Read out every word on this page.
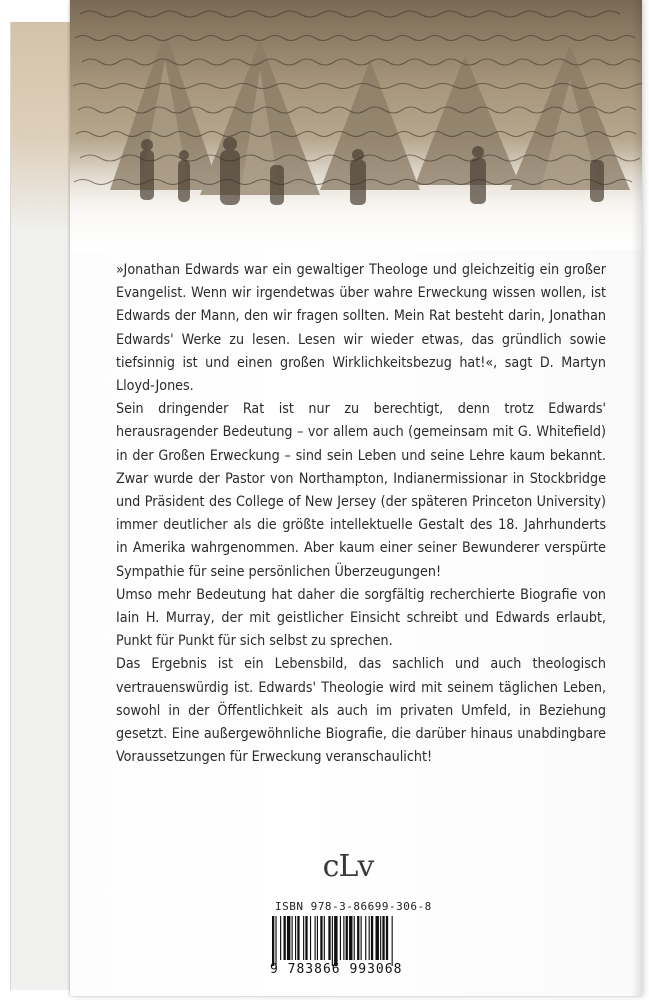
»Jonathan Edwards war ein gewaltiger Theologe und gleichzeitig ein großer Evangelist. Wenn wir irgendetwas über wahre Erweckung wissen wollen, ist Edwards der Mann, den wir fragen sollten. Mein Rat besteht darin, Jonathan Edwards' Werke zu lesen. Lesen wir wieder etwas, das gründlich sowie tiefsinnig ist und einen großen Wirklichkeitsbezug hat!«, sagt D. Martyn Lloyd-Jones.

Sein dringender Rat ist nur zu berechtigt, denn trotz Edwards' herausragender Bedeutung – vor allem auch (gemeinsam mit G. Whitefield) in der Großen Erweckung – sind sein Leben und seine Lehre kaum bekannt. Zwar wurde der Pastor von Northampton, Indianermissionar in Stockbridge und Präsident des College of New Jersey (der späteren Princeton University) immer deutlicher als die größte intellektuelle Gestalt des 18. Jahrhunderts in Amerika wahrgenommen. Aber kaum einer seiner Bewunderer verspürte Sympathie für seine persönlichen Überzeugungen!

Umso mehr Bedeutung hat daher die sorgfältig recherchierte Biografie von Iain H. Murray, der mit geistlicher Einsicht schreibt und Edwards erlaubt, Punkt für Punkt für sich selbst zu sprechen.

Das Ergebnis ist ein Lebensbild, das sachlich und auch theologisch vertrauenswürdig ist. Edwards' Theologie wird mit seinem täglichen Leben, sowohl in der Öffentlichkeit als auch im privaten Umfeld, in Beziehung gesetzt. Eine außergewöhnliche Biografie, die darüber hinaus unabdingbare Voraussetzungen für Erweckung veranschaulicht!

cLv
ISBN 978-3-86699-306-8
9 783866 993068
